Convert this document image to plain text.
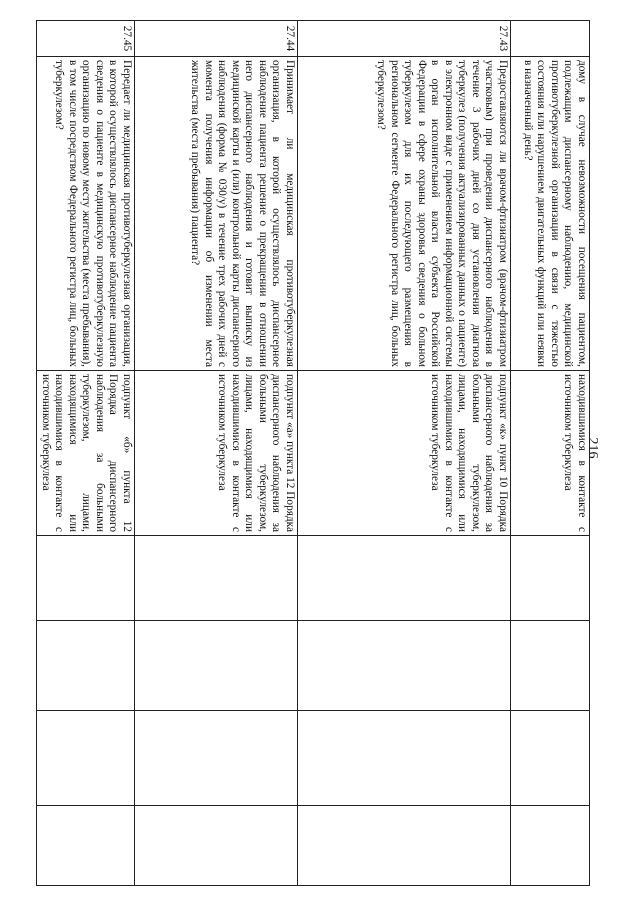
216
	дому в случае невозможности посещения пациентом, подлежащим диспансерному наблюдению, медицинской противотуберкулезной организации в связи с тяжестью состояния или нарушением двигательных функций или неявки в назначенный день?	находившимися в контакте с источником туберкулеза				
27.43	Предоставляются ли врачом-фтизиатром (врачом-фтизиатром участковым) при проведении диспансерного наблюдения в течение 3 рабочих дней со дня установления диагноза туберкулез (получения актуализированных данных о пациенте) в электронном виде с применением информационной системы в орган исполнительной власти субъекта Российской Федерации в сфере охраны здоровья сведения о больном туберкулезом для их последующего размещения в региональном сегменте Федерального регистра лиц, больных туберкулезом?	подпункт «к» пункт 10 Порядка диспансерного наблюдения за больными туберкулезом, лицами, находящимися или находившимися в контакте с источником туберкулеза				
27.44	Принимает ли медицинская противотуберкулезная организация, в которой осуществлялось диспансерное наблюдение пациента решение о прекращении в отношении него диспансерного наблюдения и готовит выписку из медицинской карты и (или) контрольной карты диспансерного наблюдения (форма № 030/у) в течение трех рабочих дней с момента получения информации об изменении места жительства (места пребывания) пациента?	подпункт «а» пункта 12 Порядка диспансерного наблюдения за больными туберкулезом, лицами, находящимися или находившимися в контакте с источником туберкулеза				
27.45	Передает ли медицинская противотуберкулезная организация, в которой осуществлялось диспансерное наблюдение пациента сведения о пациенте в медицинскую противотуберкулезную организацию по новому месту жительства (места пребывания), в том числе посредством Федерального регистра лиц, больных туберкулезом?	подпункт «б» пункта 12 Порядка диспансерного наблюдения за больными туберкулезом, лицами, находящимися или находившимися в контакте с источником туберкулеза				
